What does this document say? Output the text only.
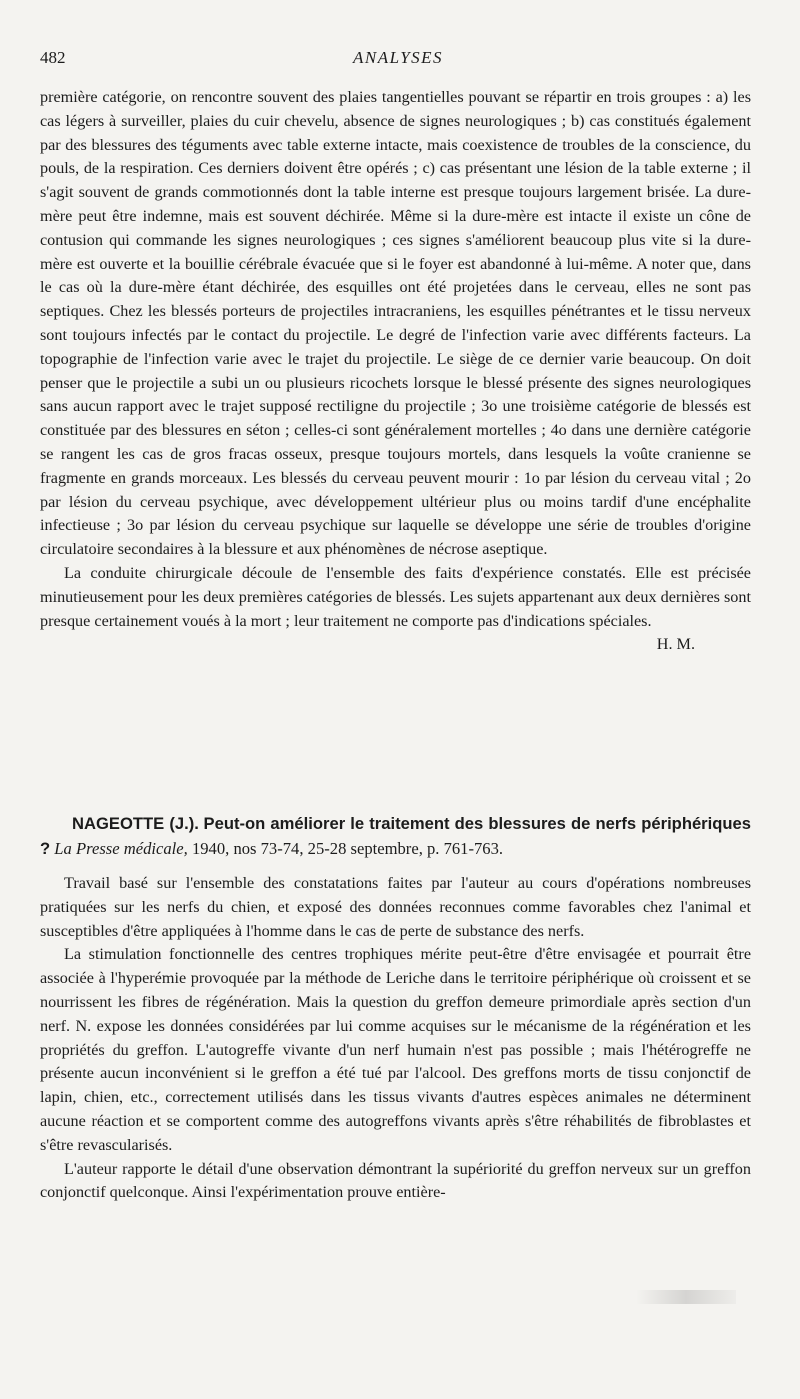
482	ANALYSES

première catégorie, on rencontre souvent des plaies tangentielles pouvant se répartir en trois groupes : a) les cas légers à surveiller, plaies du cuir chevelu, absence de signes neurologiques ; b) cas constitués également par des blessures des téguments avec table externe intacte, mais coexistence de troubles de la conscience, du pouls, de la respiration. Ces derniers doivent être opérés ; c) cas présentant une lésion de la table externe ; il s'agit souvent de grands commotionnés dont la table interne est presque toujours largement brisée. La dure-mère peut être indemne, mais est souvent déchirée. Même si la dure-mère est intacte il existe un cône de contusion qui commande les signes neurologiques ; ces signes s'améliorent beaucoup plus vite si la dure-mère est ouverte et la bouillie cérébrale évacuée que si le foyer est abandonné à lui-même. A noter que, dans le cas où la dure-mère étant déchirée, des esquilles ont été projetées dans le cerveau, elles ne sont pas septiques. Chez les blessés porteurs de projectiles intracraniens, les esquilles pénétrantes et le tissu nerveux sont toujours infectés par le contact du projectile. Le degré de l'infection varie avec différents facteurs. La topographie de l'infection varie avec le trajet du projectile. Le siège de ce dernier varie beaucoup. On doit penser que le projectile a subi un ou plusieurs ricochets lorsque le blessé présente des signes neurologiques sans aucun rapport avec le trajet supposé rectiligne du projectile ; 3o une troisième catégorie de blessés est constituée par des blessures en séton ; celles-ci sont généralement mortelles ; 4o dans une dernière catégorie se rangent les cas de gros fracas osseux, presque toujours mortels, dans lesquels la voûte cranienne se fragmente en grands morceaux. Les blessés du cerveau peuvent mourir : 1o par lésion du cerveau vital ; 2o par lésion du cerveau psychique, avec développement ultérieur plus ou moins tardif d'une encéphalite infectieuse ; 3o par lésion du cerveau psychique sur laquelle se développe une série de troubles d'origine circulatoire secondaires à la blessure et aux phénomènes de nécrose aseptique.

La conduite chirurgicale découle de l'ensemble des faits d'expérience constatés. Elle est précisée minutieusement pour les deux premières catégories de blessés. Les sujets appartenant aux deux dernières sont presque certainement voués à la mort ; leur traitement ne comporte pas d'indications spéciales.
H. M.

NAGEOTTE (J.). Peut-on améliorer le traitement des blessures de nerfs périphériques ? La Presse médicale, 1940, nos 73-74, 25-28 septembre, p. 761-763.

Travail basé sur l'ensemble des constatations faites par l'auteur au cours d'opérations nombreuses pratiquées sur les nerfs du chien, et exposé des données reconnues comme favorables chez l'animal et susceptibles d'être appliquées à l'homme dans le cas de perte de substance des nerfs.

La stimulation fonctionnelle des centres trophiques mérite peut-être d'être envisagée et pourrait être associée à l'hyperémie provoquée par la méthode de Leriche dans le territoire périphérique où croissent et se nourrissent les fibres de régénération. Mais la question du greffon demeure primordiale après section d'un nerf. N. expose les données considérées par lui comme acquises sur le mécanisme de la régénération et les propriétés du greffon. L'autogreffe vivante d'un nerf humain n'est pas possible ; mais l'hétérogreffe ne présente aucun inconvénient si le greffon a été tué par l'alcool. Des greffons morts de tissu conjonctif de lapin, chien, etc., correctement utilisés dans les tissus vivants d'autres espèces animales ne déterminent aucune réaction et se comportent comme des autogreffons vivants après s'être réhabilités de fibroblastes et s'être revascularisés.

L'auteur rapporte le détail d'une observation démontrant la supériorité du greffon nerveux sur un greffon conjonctif quelconque. Ainsi l'expérimentation prouve entière-
